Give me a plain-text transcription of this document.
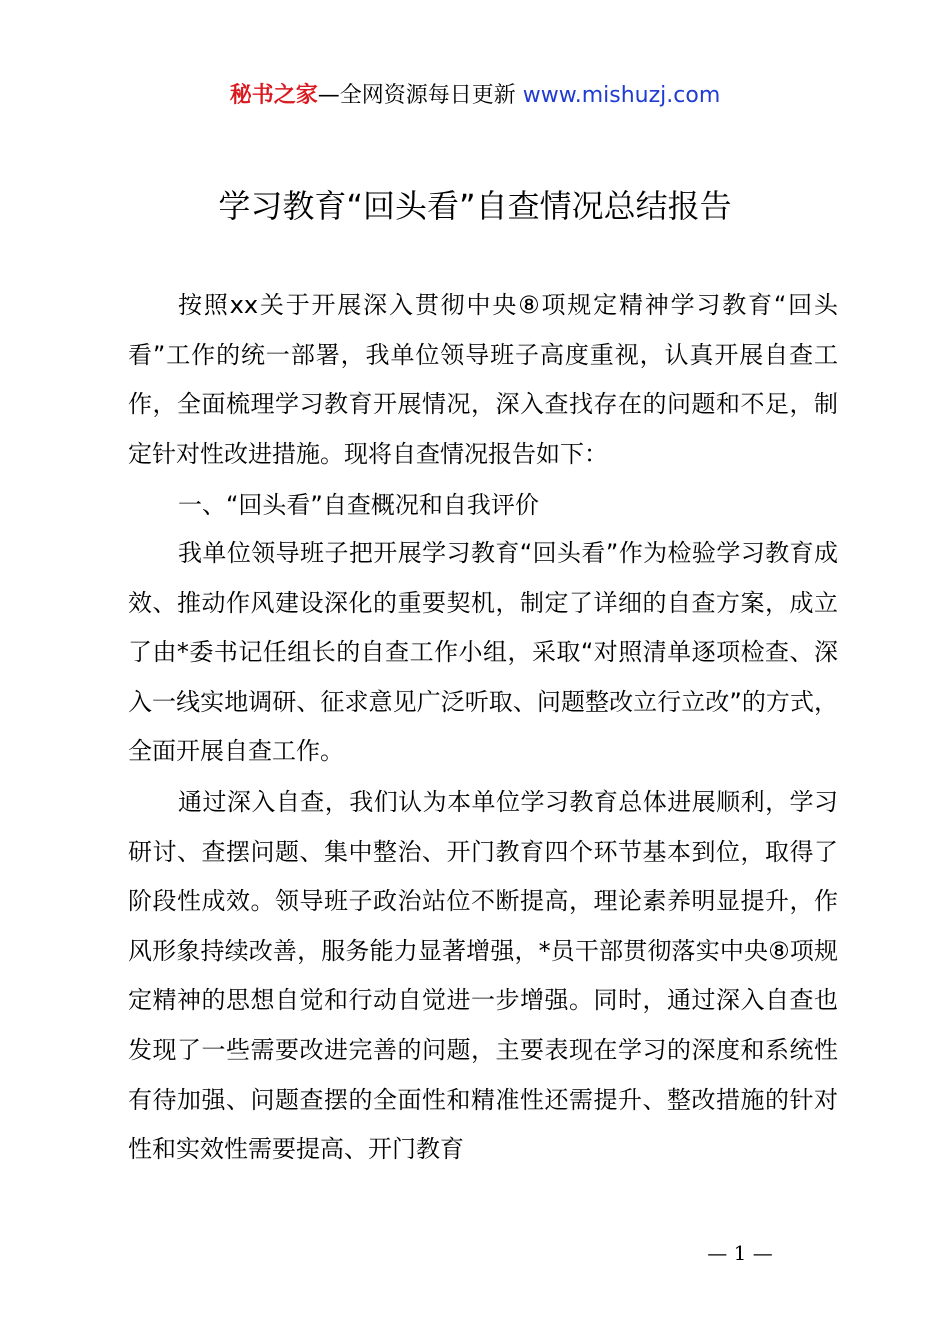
秘书之家—全网资源每日更新 www.mishuzj.com
学习教育“回头看”自查情况总结报告

按照xx关于开展深入贯彻中央⑧项规定精神学习教育“回头看”工作的统一部署，我单位领导班子高度重视，认真开展自查工作，全面梳理学习教育开展情况，深入查找存在的问题和不足，制定针对性改进措施。现将自查情况报告如下：

一、“回头看”自查概况和自我评价

我单位领导班子把开展学习教育“回头看”作为检验学习教育成效、推动作风建设深化的重要契机，制定了详细的自查方案，成立了由*委书记任组长的自查工作小组，采取“对照清单逐项检查、深入一线实地调研、征求意见广泛听取、问题整改立行立改”的方式，全面开展自查工作。

通过深入自查，我们认为本单位学习教育总体进展顺利，学习研讨、查摆问题、集中整治、开门教育四个环节基本到位，取得了阶段性成效。领导班子政治站位不断提高，理论素养明显提升，作风形象持续改善，服务能力显著增强，*员干部贯彻落实中央⑧项规定精神的思想自觉和行动自觉进一步增强。同时，通过深入自查也发现了一些需要改进完善的问题，主要表现在学习的深度和系统性有待加强、问题查摆的全面性和精准性还需提升、整改措施的针对性和实效性需要提高、开门教育

— 1 —
